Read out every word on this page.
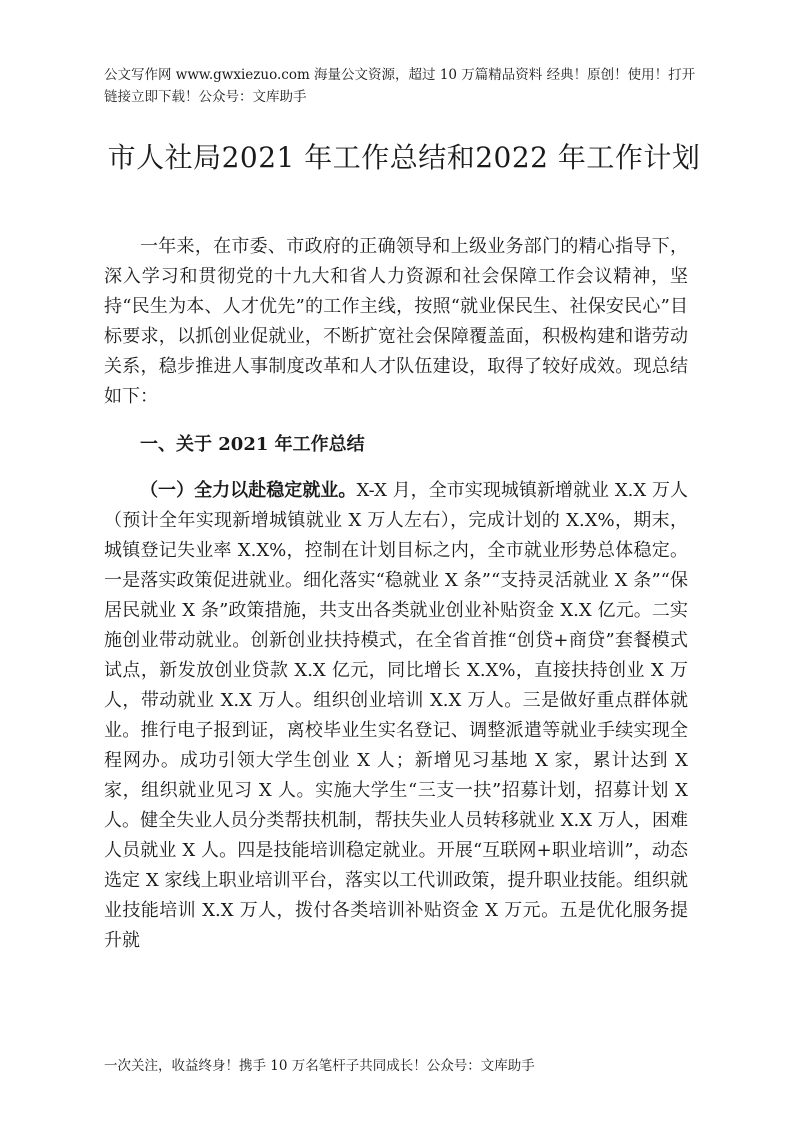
公文写作网 www.gwxiezuo.com 海量公文资源，超过 10 万篇精品资料 经典！原创！使用！打开链接立即下载！公众号：文库助手
市人社局2021 年工作总结和2022 年工作计划

一年来，在市委、市政府的正确领导和上级业务部门的精心指导下，深入学习和贯彻党的十九大和省人力资源和社会保障工作会议精神，坚持“民生为本、人才优先”的工作主线，按照“就业保民生、社保安民心”目标要求，以抓创业促就业，不断扩宽社会保障覆盖面，积极构建和谐劳动关系，稳步推进人事制度改革和人才队伍建设，取得了较好成效。现总结如下：

一、关于 2021 年工作总结

（一）全力以赴稳定就业。X-X 月，全市实现城镇新增就业 X.X 万人（预计全年实现新增城镇就业 X 万人左右），完成计划的 X.X%，期末，城镇登记失业率 X.X%，控制在计划目标之内，全市就业形势总体稳定。一是落实政策促进就业。细化落实“稳就业 X 条”“支持灵活就业 X 条”“保居民就业 X 条”政策措施，共支出各类就业创业补贴资金 X.X 亿元。二实施创业带动就业。创新创业扶持模式，在全省首推“创贷+商贷”套餐模式试点，新发放创业贷款 X.X 亿元，同比增长 X.X%，直接扶持创业 X 万人，带动就业 X.X 万人。组织创业培训 X.X 万人。三是做好重点群体就业。推行电子报到证，离校毕业生实名登记、调整派遣等就业手续实现全程网办。成功引领大学生创业 X 人；新增见习基地 X 家，累计达到 X 家，组织就业见习 X 人。实施大学生“三支一扶”招募计划，招募计划 X 人。健全失业人员分类帮扶机制，帮扶失业人员转移就业 X.X 万人，困难人员就业 X 人。四是技能培训稳定就业。开展“互联网+职业培训”，动态选定 X 家线上职业培训平台，落实以工代训政策，提升职业技能。组织就业技能培训 X.X 万人，拨付各类培训补贴资金 X 万元。五是优化服务提升就

一次关注，收益终身！携手 10 万名笔杆子共同成长！公众号：文库助手
